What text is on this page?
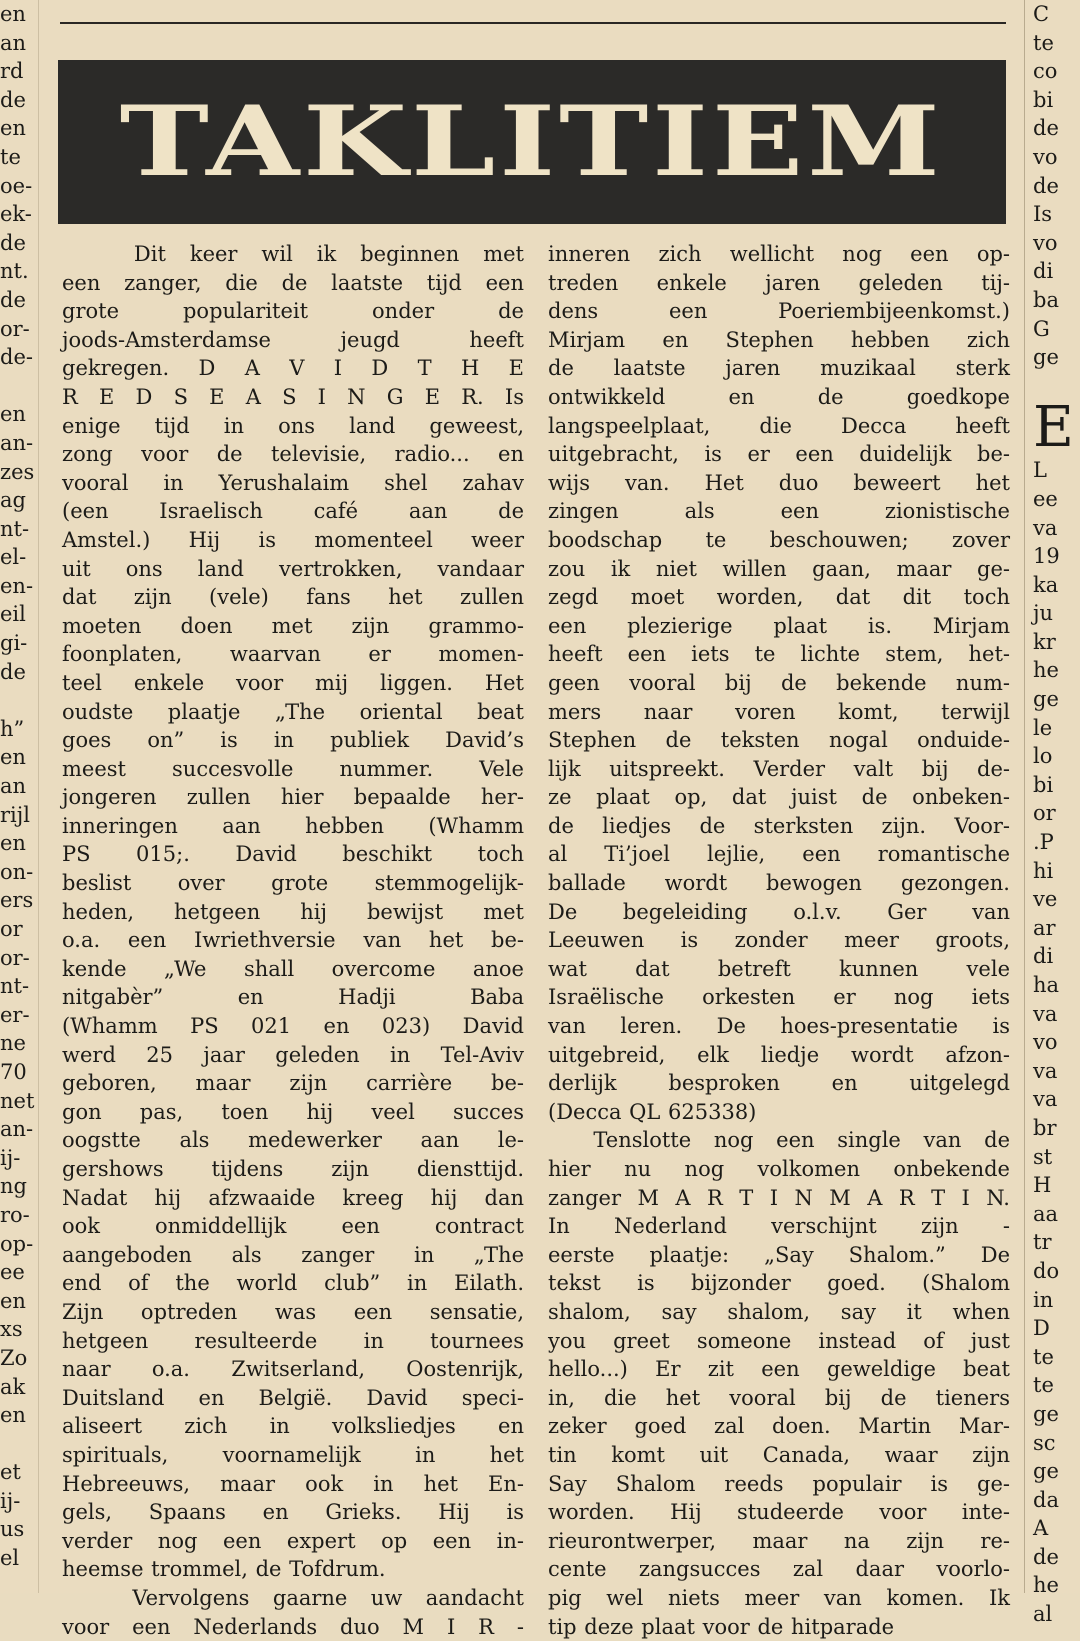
en
an
rd
de
en
te
oe-
ek-
de
nt.
de
or-
de-
en
an-
zes
ag
nt-
el-
en-
eil
gi-
de
h”
en
an
rijl
en
on-
ers
or
or-
nt-
er-
ne
70
net
an-
ij-
ng
ro-
op-
ee
en
xs
Zo
ak
en
et
ij-
us
el
C
te
co
bi
de
vo
de
Is
vo
di
ba
G
ge
E
L
ee
va
19
ka
ju
kr
he
ge
le
lo
bi
or
.P
hi
ve
ar
di
ha
va
vo
va
va
br
st
H
aa
tr
do
in
D
te
te
ge
sc
ge
da
A
de
he
al
TAKLITIEM
Dit keer wil ik beginnen met
een zanger, die de laatste tijd een
grote populariteit onder de
joods-Amsterdamse jeugd heeft
gekregen. D A V I D T H E
R E D S E A S I N G E R. Is
enige tijd in ons land geweest,
zong voor de televisie, radio... en
vooral in Yerushalaim shel zahav
(een Israelisch café aan de
Amstel.) Hij is momenteel weer
uit ons land vertrokken, vandaar
dat zijn (vele) fans het zullen
moeten doen met zijn grammo-
foonplaten, waarvan er momen-
teel enkele voor mij liggen. Het
oudste plaatje „The oriental beat
goes on” is in publiek David’s
meest succesvolle nummer. Vele
jongeren zullen hier bepaalde her-
inneringen aan hebben (Whamm
PS 015;. David beschikt toch
beslist over grote stemmogelijk-
heden, hetgeen hij bewijst met
o.a. een Iwriethversie van het be-
kende „We shall overcome anoe
nitgabèr” en Hadji Baba
(Whamm PS 021 en 023) David
werd 25 jaar geleden in Tel-Aviv
geboren, maar zijn carrière be-
gon pas, toen hij veel succes
oogstte als medewerker aan le-
gershows tijdens zijn diensttijd.
Nadat hij afzwaaide kreeg hij dan
ook onmiddellijk een contract
aangeboden als zanger in „The
end of the world club” in Eilath.
Zijn optreden was een sensatie,
hetgeen resulteerde in tournees
naar o.a. Zwitserland, Oostenrijk,
Duitsland en België. David speci-
aliseert zich in volksliedjes en
spirituals, voornamelijk in het
Hebreeuws, maar ook in het En-
gels, Spaans en Grieks. Hij is
verder nog een expert op een in-
heemse trommel, de Tofdrum.
Vervolgens gaarne uw aandacht
voor een Nederlands duo M I R -
inneren zich wellicht nog een op-
treden enkele jaren geleden tij-
dens een Poeriembijeenkomst.)
Mirjam en Stephen hebben zich
de laatste jaren muzikaal sterk
ontwikkeld en de goedkope
langspeelplaat, die Decca heeft
uitgebracht, is er een duidelijk be-
wijs van. Het duo beweert het
zingen als een zionistische
boodschap te beschouwen; zover
zou ik niet willen gaan, maar ge-
zegd moet worden, dat dit toch
een plezierige plaat is. Mirjam
heeft een iets te lichte stem, het-
geen vooral bij de bekende num-
mers naar voren komt, terwijl
Stephen de teksten nogal onduide-
lijk uitspreekt. Verder valt bij de-
ze plaat op, dat juist de onbeken-
de liedjes de sterksten zijn. Voor-
al Ti’joel lejlie, een romantische
ballade wordt bewogen gezongen.
De begeleiding o.l.v. Ger van
Leeuwen is zonder meer groots,
wat dat betreft kunnen vele
Israëlische orkesten er nog iets
van leren. De hoes-presentatie is
uitgebreid, elk liedje wordt afzon-
derlijk besproken en uitgelegd
(Decca QL 625338)
Tenslotte nog een single van de
hier nu nog volkomen onbekende
zanger M A R T I N M A R T I N.
In Nederland verschijnt zijn -
eerste plaatje: „Say Shalom.” De
tekst is bijzonder goed. (Shalom
shalom, say shalom, say it when
you greet someone instead of just
hello...) Er zit een geweldige beat
in, die het vooral bij de tieners
zeker goed zal doen. Martin Mar-
tin komt uit Canada, waar zijn
Say Shalom reeds populair is ge-
worden. Hij studeerde voor inte-
rieurontwerper, maar na zijn re-
cente zangsucces zal daar voorlo-
pig wel niets meer van komen. Ik
tip deze plaat voor de hitparade
